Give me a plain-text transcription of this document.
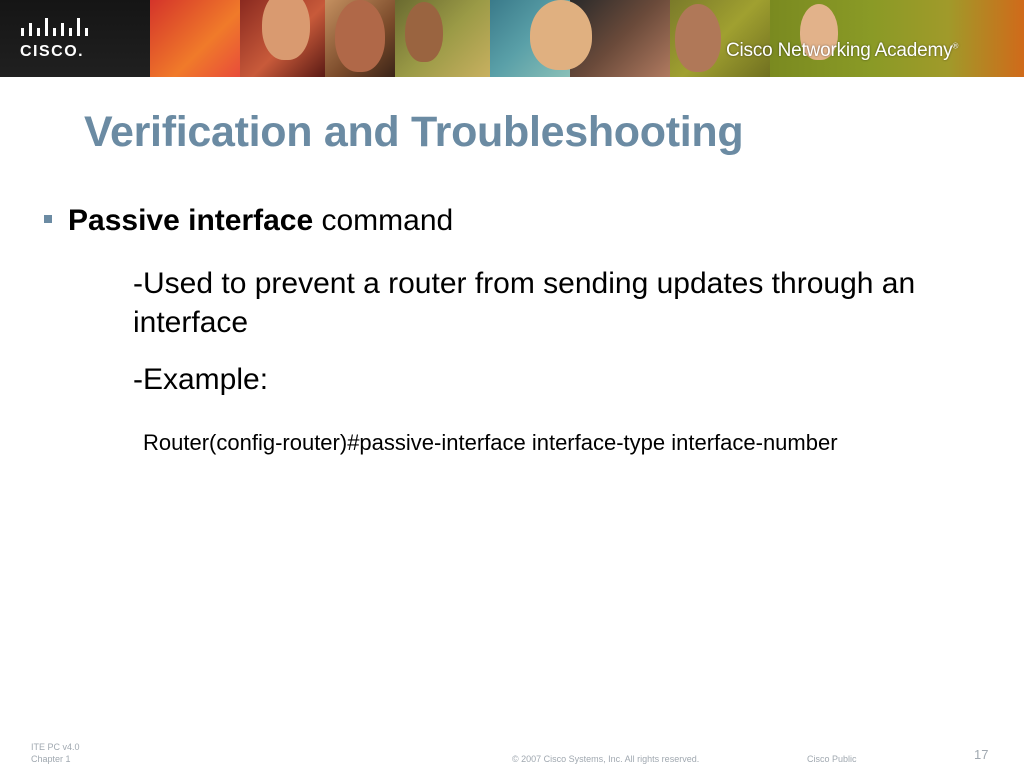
CISCO.	Cisco Networking Academy®
Verification and Troubleshooting
Passive interface command
-Used to prevent a router from sending updates through an interface
-Example:
Router(config-router)#passive-interface interface-type interface-number
ITE PC v4.0
Chapter 1	© 2007 Cisco Systems, Inc. All rights reserved.	Cisco Public	17
